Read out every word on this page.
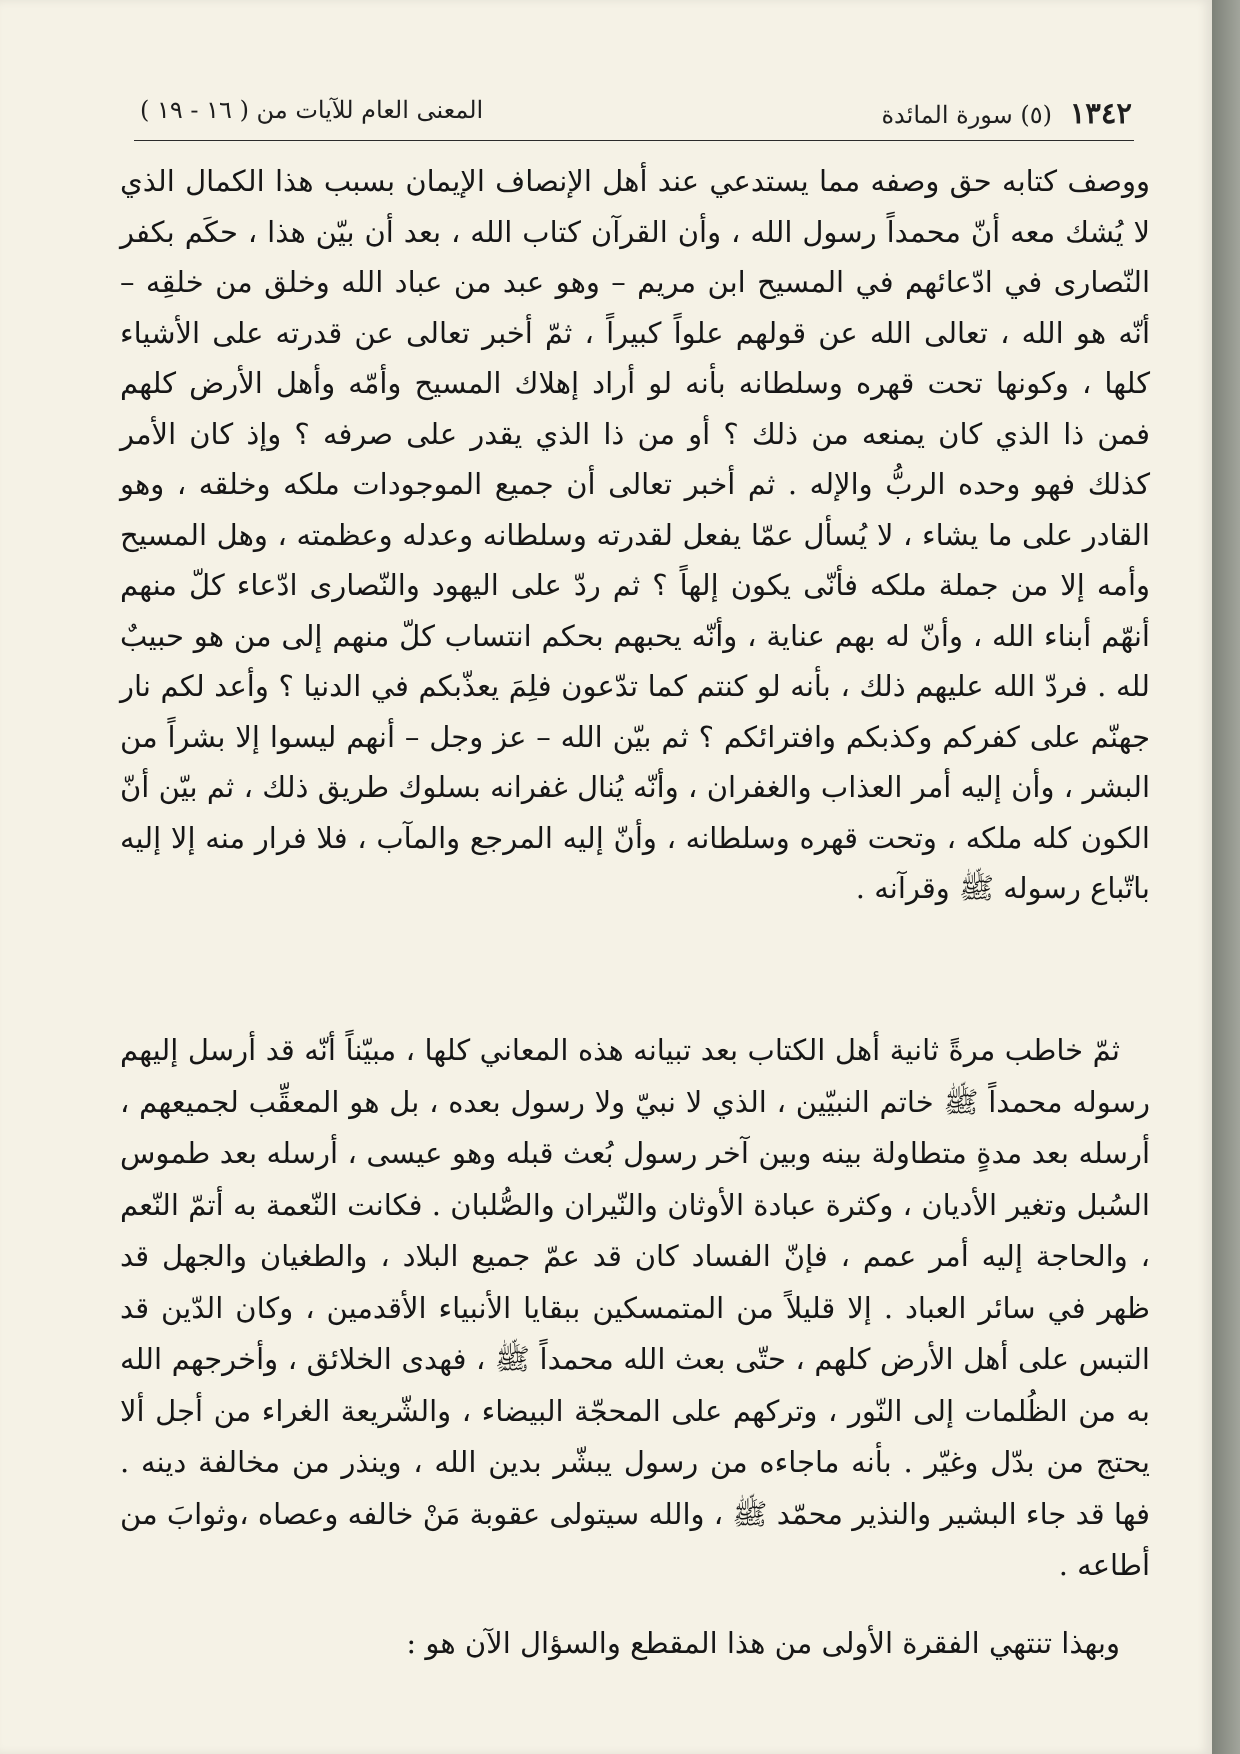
١٣٤٢ (٥) سورة المائدة
المعنى العام للآيات من ( ١٦ - ١٩ )
ووصف كتابه حق وصفه مما يستدعي عند أهل الإنصاف الإيمان بسبب هذا الكمال الذي لا يُشك معه أنّ محمداً رسول الله ، وأن القرآن كتاب الله ، بعد أن بيّن هذا ، حكَم بكفر النّصارى في ادّعائهم في المسيح ابن مريم – وهو عبد من عباد الله وخلق من خلقِه – أنّه هو الله ، تعالى الله عن قولهم علواً كبيراً ، ثمّ أخبر تعالى عن قدرته على الأشياء كلها ، وكونها تحت قهره وسلطانه بأنه لو أراد إهلاك المسيح وأمّه وأهل الأرض كلهم فمن ذا الذي كان يمنعه من ذلك ؟ أو من ذا الذي يقدر على صرفه ؟ وإذ كان الأمر كذلك فهو وحده الربُّ والإله . ثم أخبر تعالى أن جميع الموجودات ملكه وخلقه ، وهو القادر على ما يشاء ، لا يُسأل عمّا يفعل لقدرته وسلطانه وعدله وعظمته ، وهل المسيح وأمه إلا من جملة ملكه فأنّى يكون إلهاً ؟ ثم ردّ على اليهود والنّصارى ادّعاء كلّ منهم أنهّم أبناء الله ، وأنّ له بهم عناية ، وأنّه يحبهم بحكم انتساب كلّ منهم إلى من هو حبيبٌ لله . فردّ الله عليهم ذلك ، بأنه لو كنتم كما تدّعون فلِمَ يعذّبكم في الدنيا ؟ وأعد لكم نار جهنّم على كفركم وكذبكم وافترائكم ؟ ثم بيّن الله – عز وجل – أنهم ليسوا إلا بشراً من البشر ، وأن إليه أمر العذاب والغفران ، وأنّه يُنال غفرانه بسلوك طريق ذلك ، ثم بيّن أنّ الكون كله ملكه ، وتحت قهره وسلطانه ، وأنّ إليه المرجع والمآب ، فلا فرار منه إلا إليه باتّباع رسوله ﷺ وقرآنه .
ثمّ خاطب مرةً ثانية أهل الكتاب بعد تبيانه هذه المعاني كلها ، مبيّناً أنّه قد أرسل إليهم رسوله محمداً ﷺ خاتم النبيّين ، الذي لا نبيّ ولا رسول بعده ، بل هو المعقِّب لجميعهم ، أرسله بعد مدةٍ متطاولة بينه وبين آخر رسول بُعث قبله وهو عيسى ، أرسله بعد طموس السُبل وتغير الأديان ، وكثرة عبادة الأوثان والنّيران والصُّلبان . فكانت النّعمة به أتمّ النّعم ، والحاجة إليه أمر عمم ، فإنّ الفساد كان قد عمّ جميع البلاد ، والطغيان والجهل قد ظهر في سائر العباد . إلا قليلاً من المتمسكين ببقايا الأنبياء الأقدمين ، وكان الدّين قد التبس على أهل الأرض كلهم ، حتّى بعث الله محمداً ﷺ ، فهدى الخلائق ، وأخرجهم الله به من الظُلمات إلى النّور ، وتركهم على المحجّة البيضاء ، والشّريعة الغراء من أجل ألا يحتج من بدّل وغيّر . بأنه ماجاءه من رسول يبشّر بدين الله ، وينذر من مخالفة دينه . فها قد جاء البشير والنذير محمّد ﷺ ، والله سيتولى عقوبة مَنْ خالفه وعصاه ،وثوابَ من أطاعه .
وبهذا تنتهي الفقرة الأولى من هذا المقطع والسؤال الآن هو :
